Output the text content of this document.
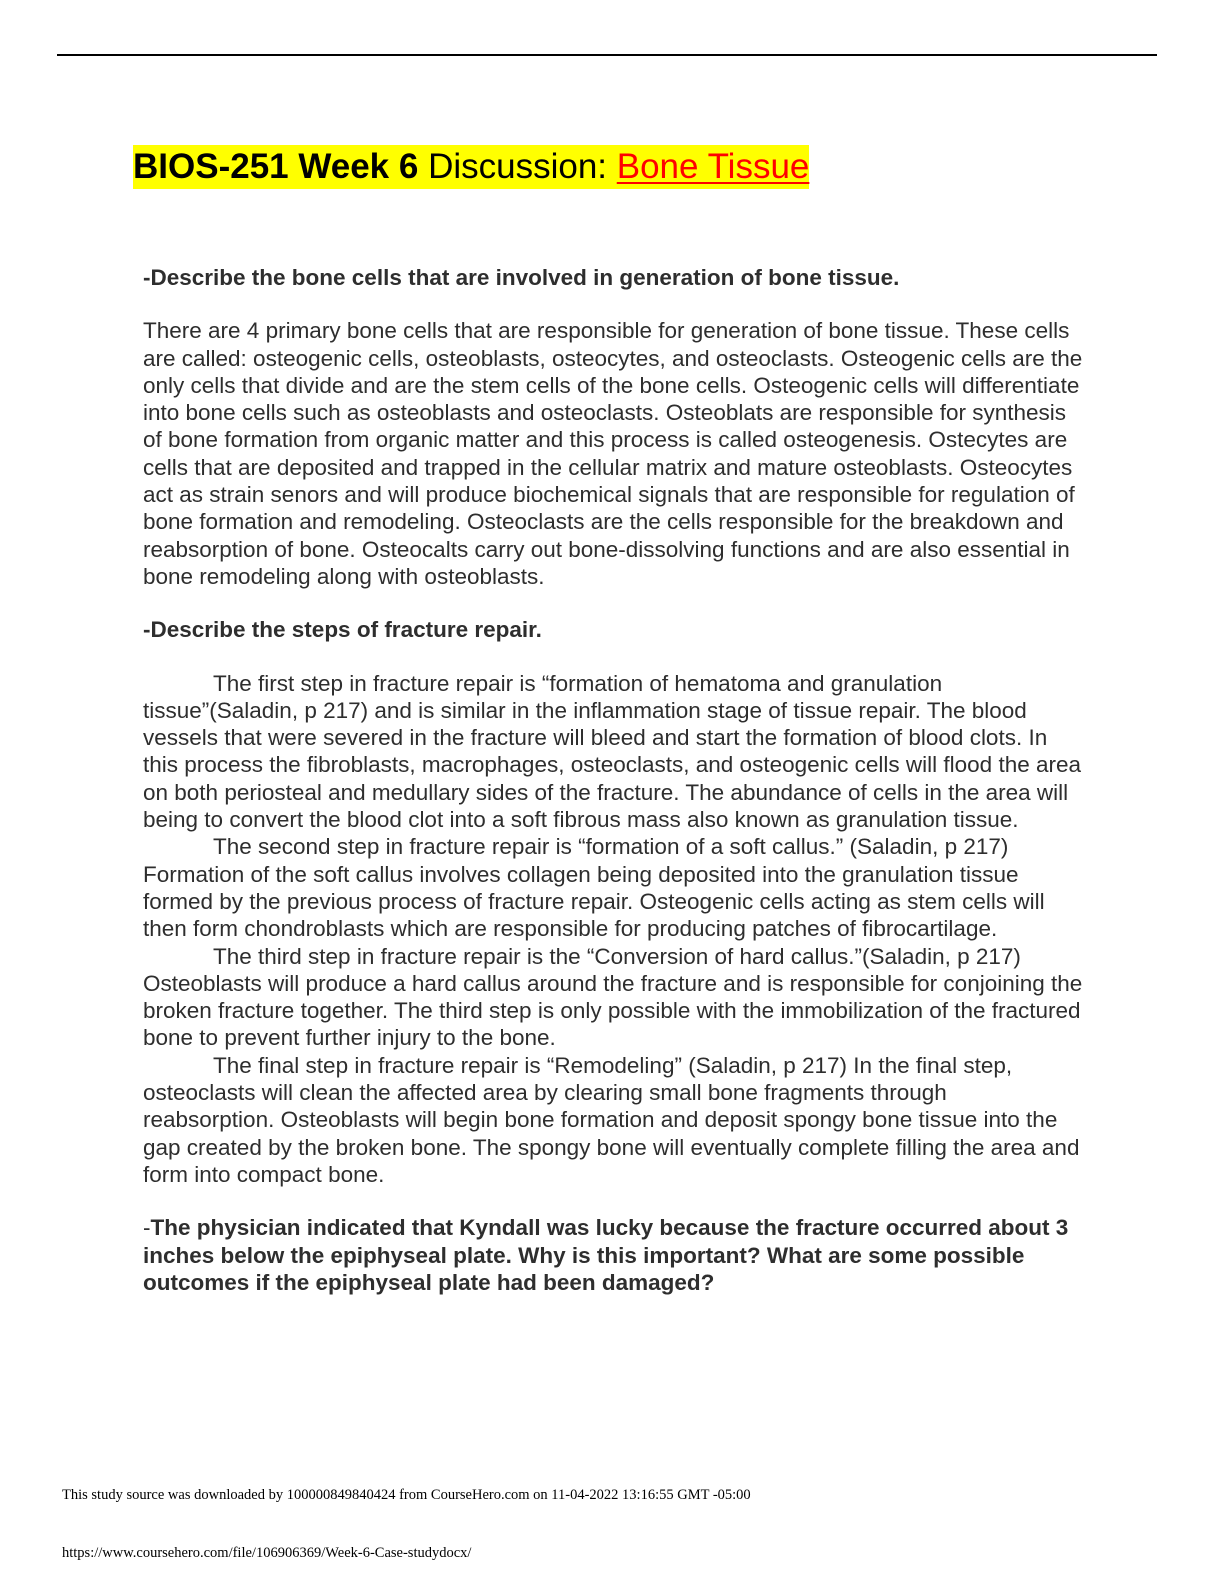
BIOS-251 Week 6 Discussion: Bone Tissue

-Describe the bone cells that are involved in generation of bone tissue.

There are 4 primary bone cells that are responsible for generation of bone tissue. These cells are called: osteogenic cells, osteoblasts, osteocytes, and osteoclasts. Osteogenic cells are the only cells that divide and are the stem cells of the bone cells. Osteogenic cells will differentiate into bone cells such as osteoblasts and osteoclasts. Osteoblats are responsible for synthesis of bone formation from organic matter and this process is called osteogenesis. Ostecytes are cells that are deposited and trapped in the cellular matrix and mature osteoblasts. Osteocytes act as strain senors and will produce biochemical signals that are responsible for regulation of bone formation and remodeling. Osteoclasts are the cells responsible for the breakdown and reabsorption of bone. Osteocalts carry out bone-dissolving functions and are also essential in bone remodeling along with osteoblasts.

-Describe the steps of fracture repair.

The first step in fracture repair is “formation of hematoma and granulation tissue”(Saladin, p 217) and is similar in the inflammation stage of tissue repair. The blood vessels that were severed in the fracture will bleed and start the formation of blood clots. In this process the fibroblasts, macrophages, osteoclasts, and osteogenic cells will flood the area on both periosteal and medullary sides of the fracture. The abundance of cells in the area will being to convert the blood clot into a soft fibrous mass also known as granulation tissue.

The second step in fracture repair is “formation of a soft callus.” (Saladin, p 217) Formation of the soft callus involves collagen being deposited into the granulation tissue formed by the previous process of fracture repair. Osteogenic cells acting as stem cells will then form chondroblasts which are responsible for producing patches of fibrocartilage.

The third step in fracture repair is the “Conversion of hard callus.”(Saladin, p 217) Osteoblasts will produce a hard callus around the fracture and is responsible for conjoining the broken fracture together. The third step is only possible with the immobilization of the fractured bone to prevent further injury to the bone.

The final step in fracture repair is “Remodeling” (Saladin, p 217) In the final step, osteoclasts will clean the affected area by clearing small bone fragments through reabsorption. Osteoblasts will begin bone formation and deposit spongy bone tissue into the gap created by the broken bone. The spongy bone will eventually complete filling the area and form into compact bone.

-The physician indicated that Kyndall was lucky because the fracture occurred about 3 inches below the epiphyseal plate. Why is this important? What are some possible outcomes if the epiphyseal plate had been damaged?

This study source was downloaded by 100000849840424 from CourseHero.com on 11-04-2022 13:16:55 GMT -05:00
https://www.coursehero.com/file/106906369/Week-6-Case-studydocx/
